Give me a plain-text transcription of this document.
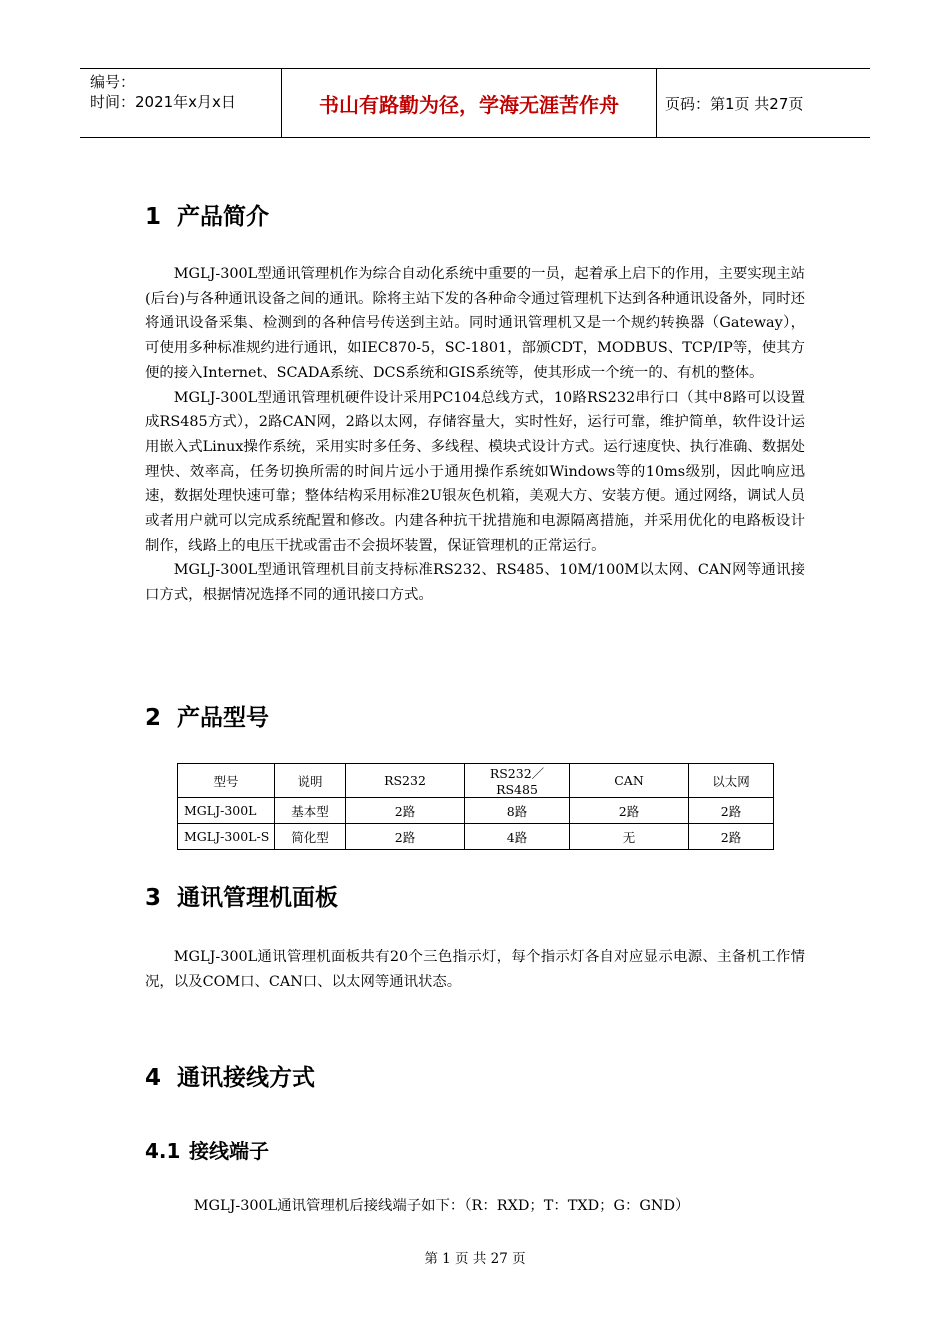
编号：
时间：2021年x月x日	书山有路勤为径，学海无涯苦作舟	页码：第1页 共27页
1 产品简介

MGLJ-300L型通讯管理机作为综合自动化系统中重要的一员，起着承上启下的作用，主要实现主站(后台)与各种通讯设备之间的通讯。除将主站下发的各种命令通过管理机下达到各种通讯设备外，同时还将通讯设备采集、检测到的各种信号传送到主站。同时通讯管理机又是一个规约转换器（Gateway），可使用多种标准规约进行通讯，如IEC870-5，SC-1801，部颁CDT，MODBUS、TCP/IP等，使其方便的接入Internet、SCADA系统、DCS系统和GIS系统等，使其形成一个统一的、有机的整体。

MGLJ-300L型通讯管理机硬件设计采用PC104总线方式，10路RS232串行口（其中8路可以设置成RS485方式），2路CAN网，2路以太网，存储容量大，实时性好，运行可靠，维护简单，软件设计运用嵌入式Linux操作系统，采用实时多任务、多线程、模块式设计方式。运行速度快、执行准确、数据处理快、效率高，任务切换所需的时间片远小于通用操作系统如Windows等的10ms级别，因此响应迅速，数据处理快速可靠；整体结构采用标准2U银灰色机箱，美观大方、安装方便。通过网络，调试人员或者用户就可以完成系统配置和修改。内建各种抗干扰措施和电源隔离措施，并采用优化的电路板设计制作，线路上的电压干扰或雷击不会损坏装置，保证管理机的正常运行。

MGLJ-300L型通讯管理机目前支持标准RS232、RS485、10M/100M以太网、CAN网等通讯接口方式，根据情况选择不同的通讯接口方式。

2 产品型号
型号	说明	RS232	RS232／RS485	CAN	以太网
MGLJ-300L	基本型	2路	8路	2路	2路
MGLJ-300L-S	简化型	2路	4路	无	2路
3 通讯管理机面板

MGLJ-300L通讯管理机面板共有20个三色指示灯，每个指示灯各自对应显示电源、主备机工作情况，以及COM口、CAN口、以太网等通讯状态。

4 通讯接线方式
4.1 接线端子

MGLJ-300L通讯管理机后接线端子如下：（R：RXD；T：TXD；G：GND）

第 1 页 共 27 页
